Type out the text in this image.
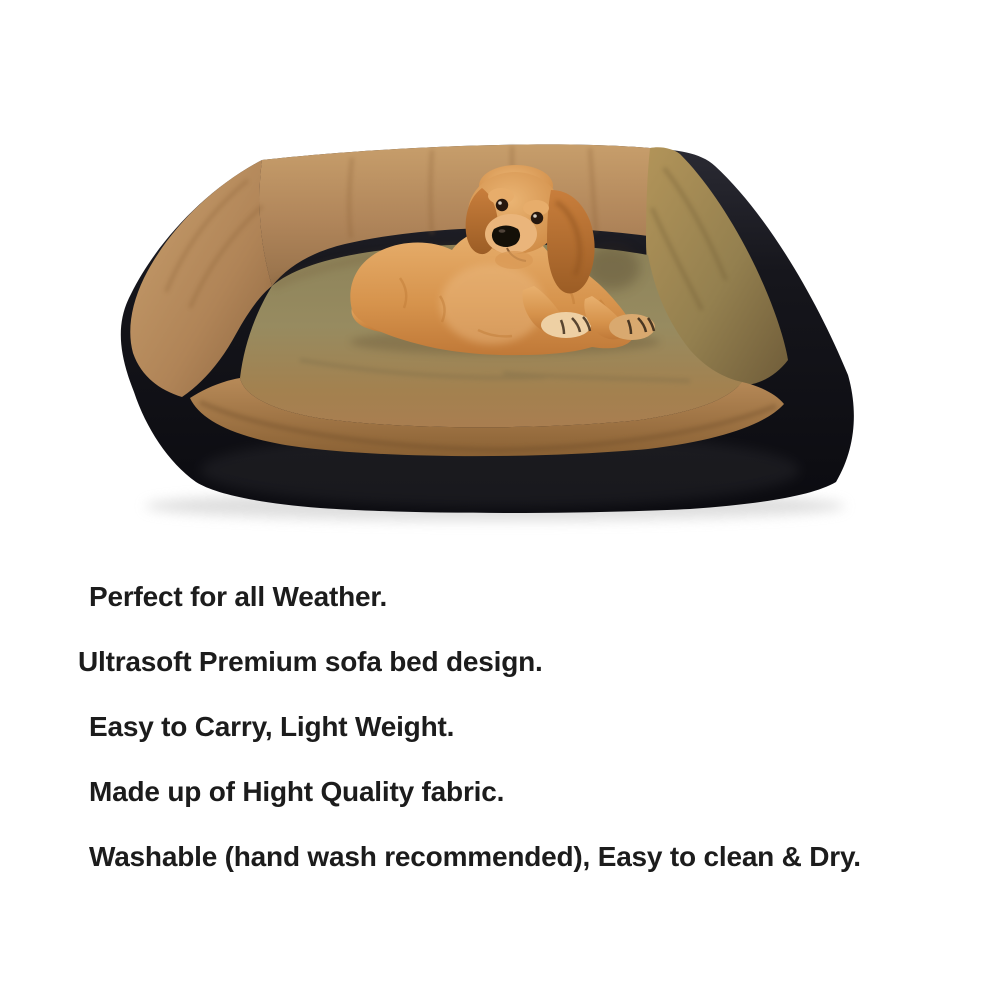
Perfect for all Weather.

Ultrasoft Premium sofa bed design.

Easy to Carry, Light Weight.

Made up of Hight Quality fabric.

Washable (hand wash recommended), Easy to clean & Dry.
